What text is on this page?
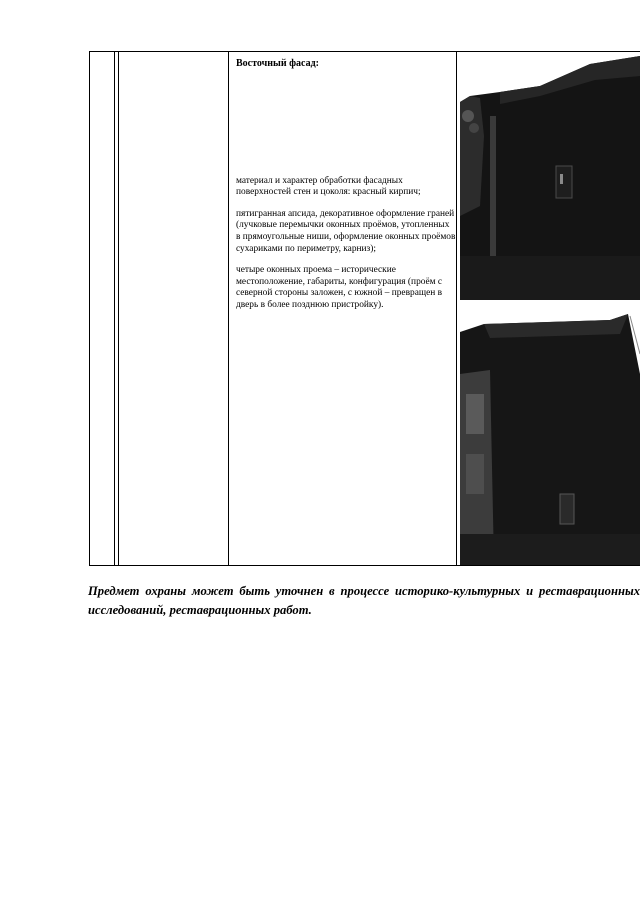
Восточный фасад:

материал и характер обработки фасадных поверхностей стен и цоколя: красный кирпич;

пятигранная апсида, декоративное оформление граней (лучковые перемычки оконных проёмов, утопленных в прямоугольные ниши, оформление оконных проёмов сухариками по периметру, карниз);

четыре оконных проема – исторические местоположение, габариты, конфигурация (проём с северной стороны заложен, с южной – превращен в дверь в более позднюю пристройку).

Предмет охраны может быть уточнен в процессе историко-культурных и реставрационных исследований, реставрационных работ.
